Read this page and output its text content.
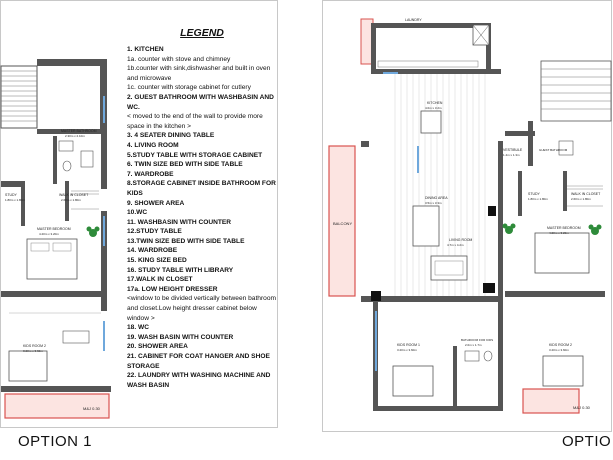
MASTER BATHROOM
2.30m x 2.10m
STUDY
1.80m x 1.80m
WALK IN CLOSET
2.60m x 1.80m
MASTER BEDROOM
4.20m x 3.20m
KIDS ROOM 2
3.20m x 3.60m
M&J 0.30

LEGEND

1. KITCHEN

1a. counter with stove and chimney

1b.counter with sink,dishwasher and built in oven and microwave

1c. counter with storage cabinet for cutlery

2. GUEST BATHROOM WITH WASHBASIN AND WC.

< moved to the end of the wall to provide more space in the kitchen >

3. 4 SEATER DINING TABLE

4. LIVING ROOM

5.STUDY TABLE WITH STORAGE CABINET

6. TWIN SIZE BED WITH SIDE TABLE

7. WARDROBE

8.STORAGE CABINET INSIDE BATHROOM FOR KIDS

9. SHOWER AREA

10.WC

11. WASHBASIN WITH COUNTER

12.STUDY TABLE

13.TWIN SIZE BED WITH SIDE TABLE

14. WARDROBE

15. KING SIZE BED

16. STUDY TABLE WITH LIBRARY

17.WALK IN CLOSET

17a. LOW HEIGHT DRESSER

<window to be divided vertically between bathroom and closet.Low height dresser cabinet below window >

18. WC

19. WASH BASIN WITH COUNTER

20. SHOWER AREA

21. CABINET FOR COAT HANGER AND SHOE STORAGE

22. LAUNDRY WITH WASHING MACHINE AND WASH BASIN

OPTION 1
LAUNDRY
KITCHEN
4.0m x 3.2m
VESTIBULE
1.4m x 1.3m
GUEST BATHROOM
DINING AREA
3.5m x 3.3m
LIVING ROOM
4.7m x 4.2m
BALCONY
KIDS ROOM 1
3.20m x 3.60m
BATHROOM FOR KIDS
2.0m x 1.7m
STUDY
1.80m x 1.80m
WALK IN CLOSET
2.60m x 1.80m
MASTER BEDROOM
4.20m x 3.20m
KIDS ROOM 2
3.20m x 3.60m
M&J 0.30
OPTIO
